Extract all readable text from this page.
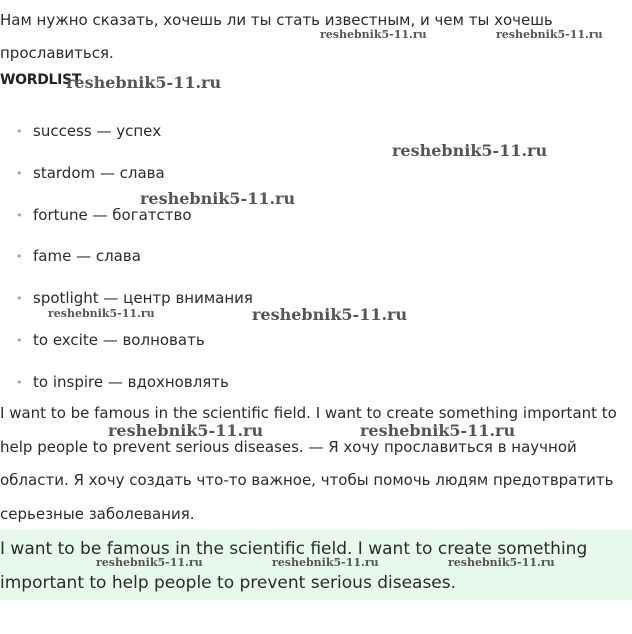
Нам нужно сказать, хочешь ли ты стать известным, и чем ты хочешь прославиться.

WORDLIST
• success — успех
• stardom — слава
• fortune — богатство
• fame — слава
• spotlight — центр внимания
• to excite — волновать
• to inspire — вдохновлять

I want to be famous in the scientific field. I want to create something important to help people to prevent serious diseases. — Я хочу прославиться в научной области. Я хочу создать что-то важное, чтобы помочь людям предотвратить серьезные заболевания.

I want to be famous in the scientific field. I want to create something important to help people to prevent serious diseases.
reshebnik5-11.ru	reshebnik5-11.ru
reshebnik5-11.ru
reshebnik5-11.ru
reshebnik5-11.ru
reshebnik5-11.ru	reshebnik5-11.ru
reshebnik5-11.ru	reshebnik5-11.ru
reshebnik5-11.ru	reshebnik5-11.ru	reshebnik5-11.ru
